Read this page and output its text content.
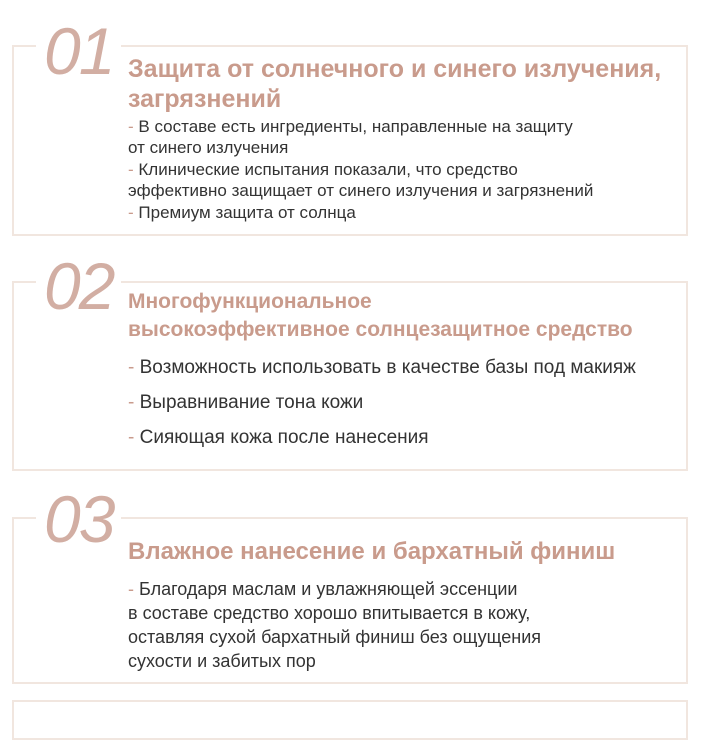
01 Защита от солнечного и синего излучения,
загрязнений
- В составе есть ингредиенты, направленные на защиту
от синего излучения
- Клинические испытания показали, что средство
эффективно защищает от синего излучения и загрязнений
- Премиум защита от солнца
02 Многофункциональное
высокоэффективное солнцезащитное средство
- Возможность использовать в качестве базы под макияж
- Выравнивание тона кожи
- Сияющая кожа после нанесения
03 Влажное нанесение и бархатный финиш
- Благодаря маслам и увлажняющей эссенции
в составе средство хорошо впитывается в кожу,
оставляя сухой бархатный финиш без ощущения
сухости и забитых пор
